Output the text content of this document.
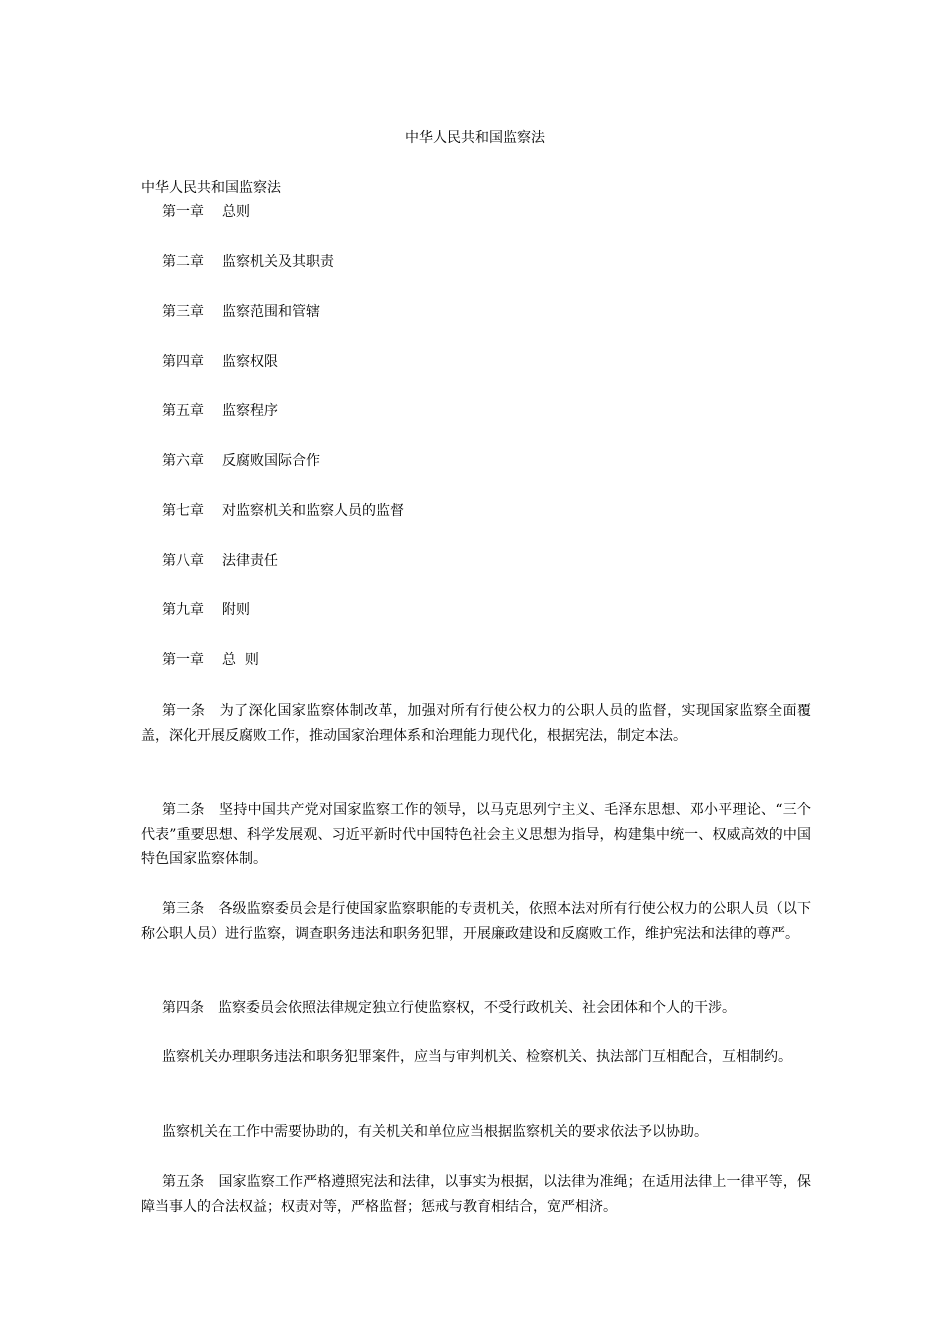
中华人民共和国监察法

中华人民共和国监察法

第一章 总则

第二章 监察机关及其职责

第三章 监察范围和管辖

第四章 监察权限

第五章 监察程序

第六章 反腐败国际合作

第七章 对监察机关和监察人员的监督

第八章 法律责任

第九章 附则

第一章 总  则

第一条　为了深化国家监察体制改革，加强对所有行使公权力的公职人员的监督，实现国家监察全面覆盖，深化开展反腐败工作，推动国家治理体系和治理能力现代化，根据宪法，制定本法。

第二条　坚持中国共产党对国家监察工作的领导，以马克思列宁主义、毛泽东思想、邓小平理论、“三个代表”重要思想、科学发展观、习近平新时代中国特色社会主义思想为指导，构建集中统一、权威高效的中国特色国家监察体制。

第三条　各级监察委员会是行使国家监察职能的专责机关，依照本法对所有行使公权力的公职人员（以下称公职人员）进行监察，调查职务违法和职务犯罪，开展廉政建设和反腐败工作，维护宪法和法律的尊严。

第四条　监察委员会依照法律规定独立行使监察权，不受行政机关、社会团体和个人的干涉。

监察机关办理职务违法和职务犯罪案件，应当与审判机关、检察机关、执法部门互相配合，互相制约。

监察机关在工作中需要协助的，有关机关和单位应当根据监察机关的要求依法予以协助。

第五条　国家监察工作严格遵照宪法和法律，以事实为根据，以法律为准绳；在适用法律上一律平等，保障当事人的合法权益；权责对等，严格监督；惩戒与教育相结合，宽严相济。
